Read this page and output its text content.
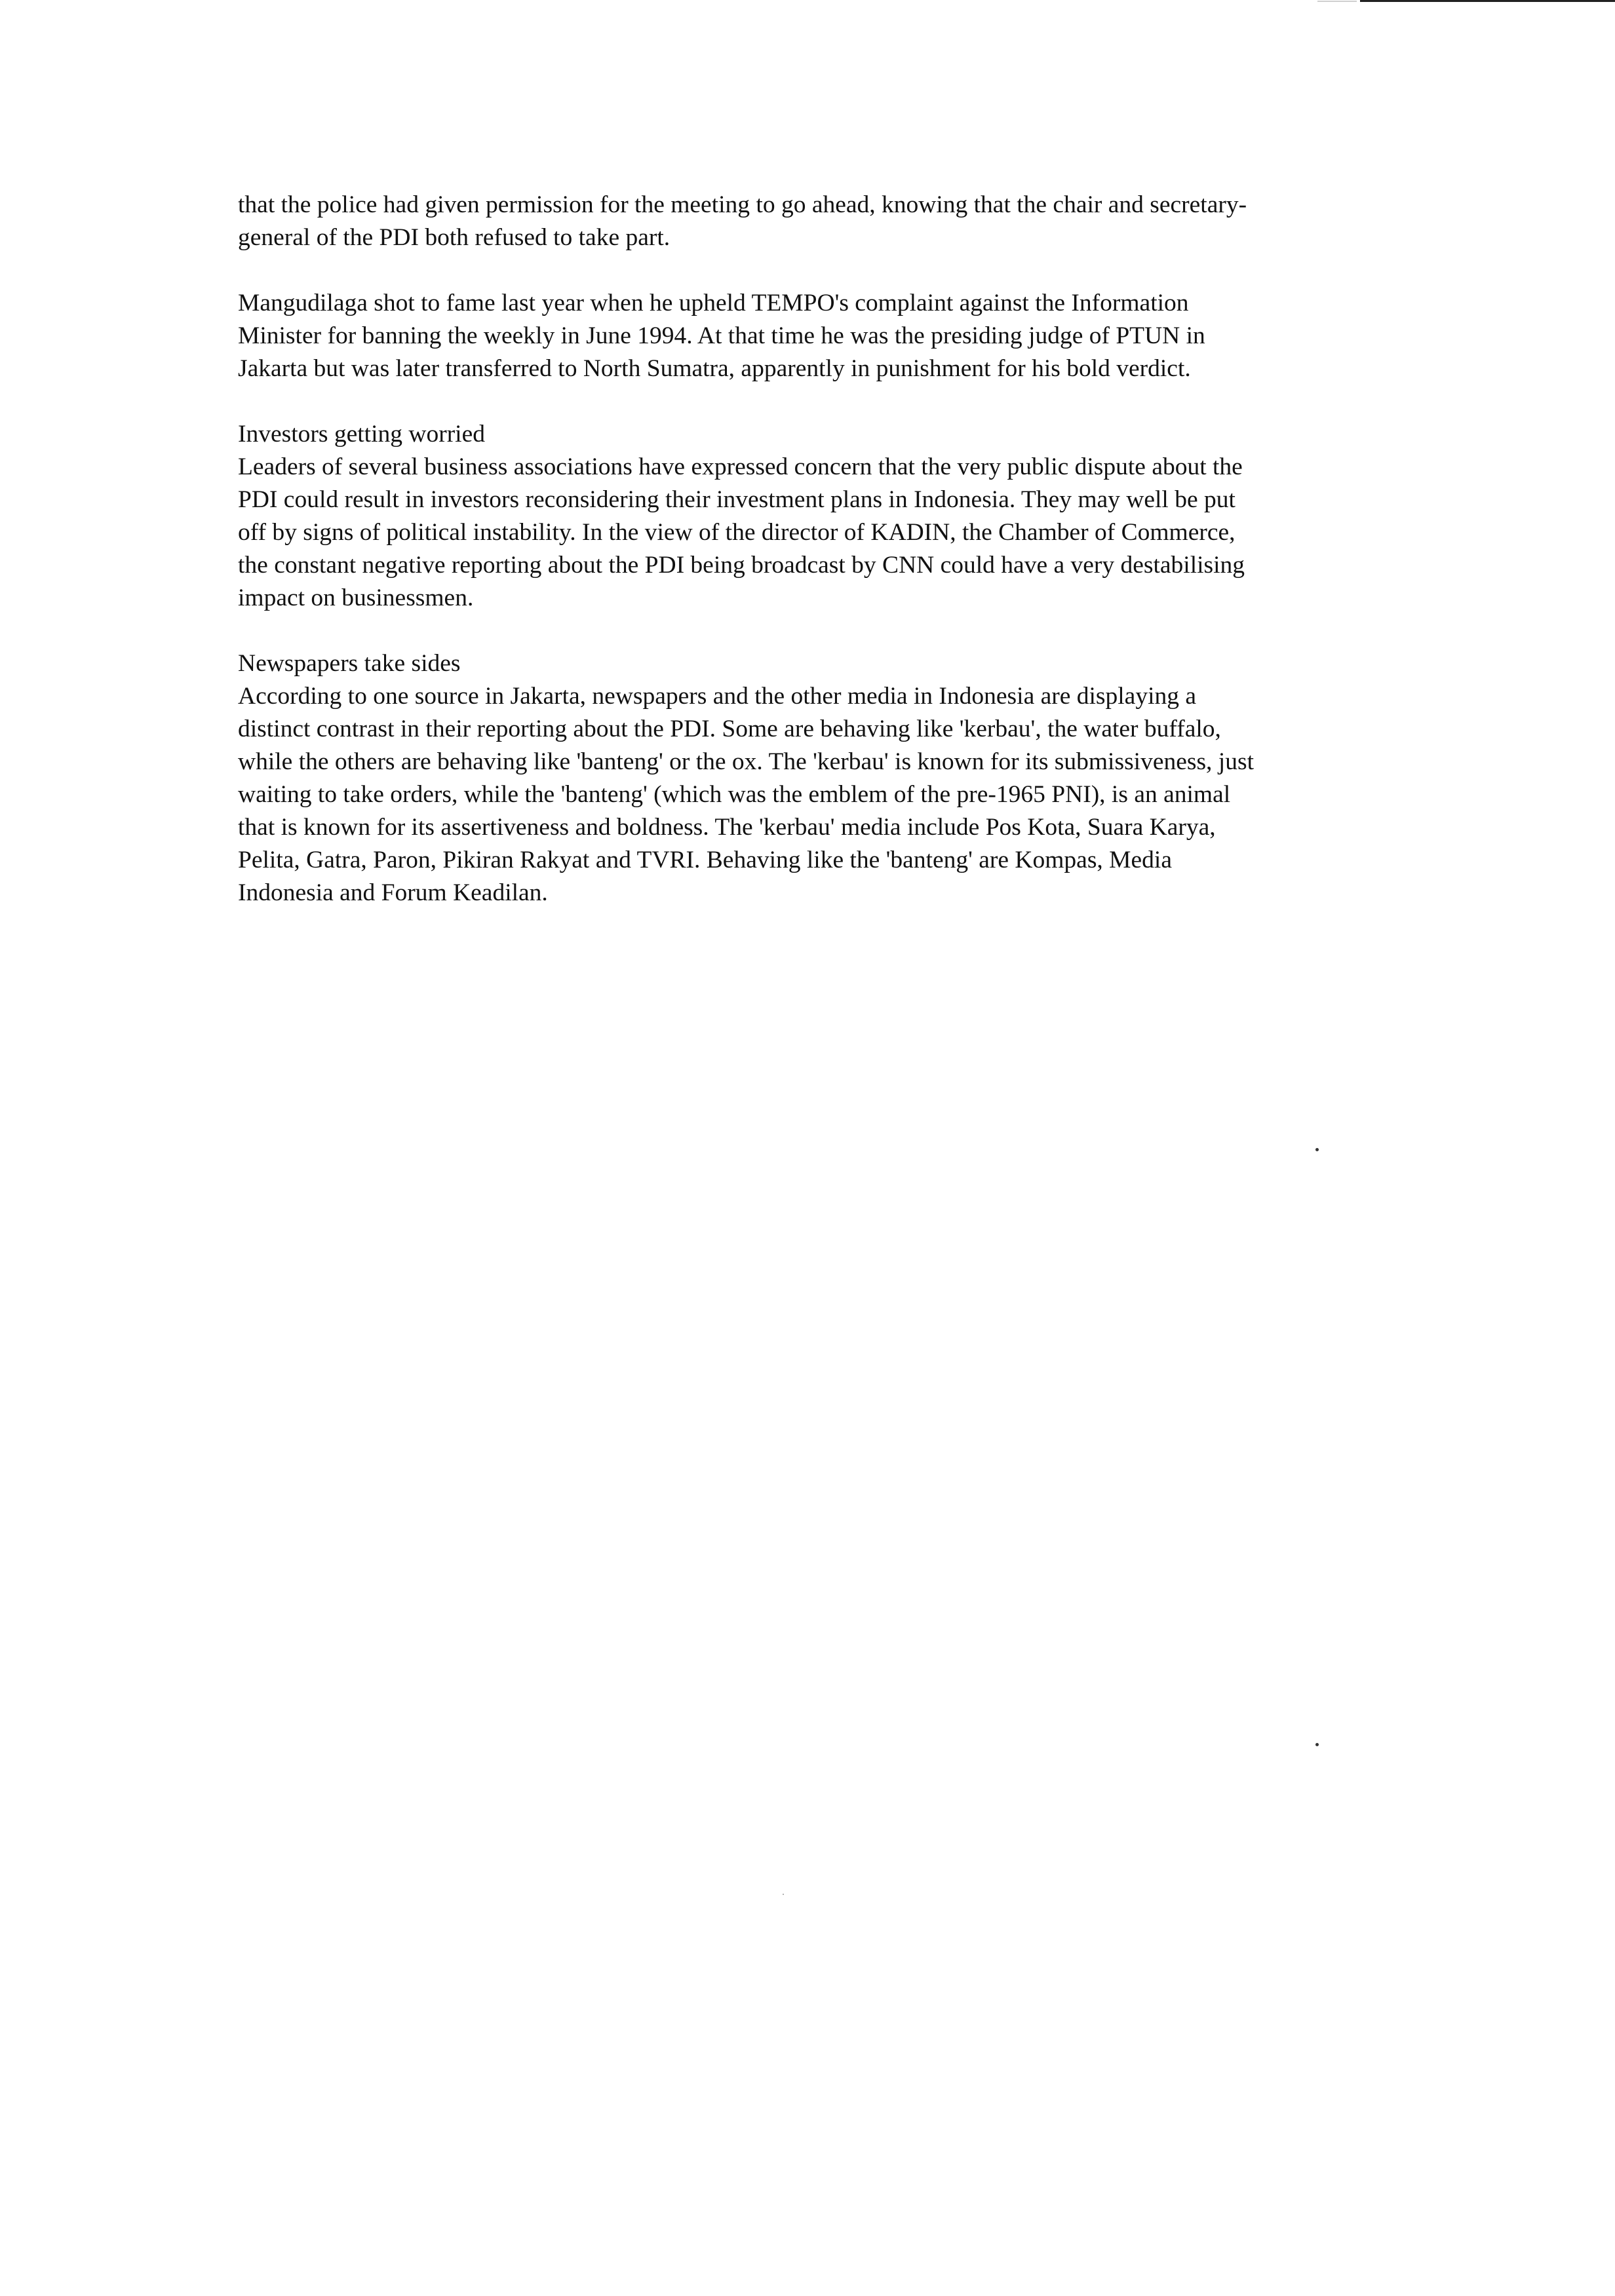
that the police had given permission for the meeting to go ahead, knowing that the chair and secretary-
general of the PDI both refused to take part.

Mangudilaga shot to fame last year when he upheld TEMPO's complaint against the Information
Minister for banning the weekly in June 1994. At that time he was the presiding judge of PTUN in
Jakarta but was later transferred to North Sumatra, apparently in punishment for his bold verdict.

Investors getting worried
Leaders of several business associations have expressed concern that the very public dispute about the
PDI could result in investors reconsidering their investment plans in Indonesia. They may well be put
off by signs of political instability. In the view of the director of KADIN, the Chamber of Commerce,
the constant negative reporting about the PDI being broadcast by CNN could have a very destabilising
impact on businessmen.

Newspapers take sides
According to one source in Jakarta, newspapers and the other media in Indonesia are displaying a
distinct contrast in their reporting about the PDI. Some are behaving like 'kerbau', the water buffalo,
while the others are behaving like 'banteng' or the ox. The 'kerbau' is known for its submissiveness, just
waiting to take orders, while the 'banteng' (which was the emblem of the pre-1965 PNI), is an animal
that is known for its assertiveness and boldness. The 'kerbau' media include Pos Kota, Suara Karya,
Pelita, Gatra, Paron, Pikiran Rakyat and TVRI. Behaving like the 'banteng' are Kompas, Media
Indonesia and Forum Keadilan.
